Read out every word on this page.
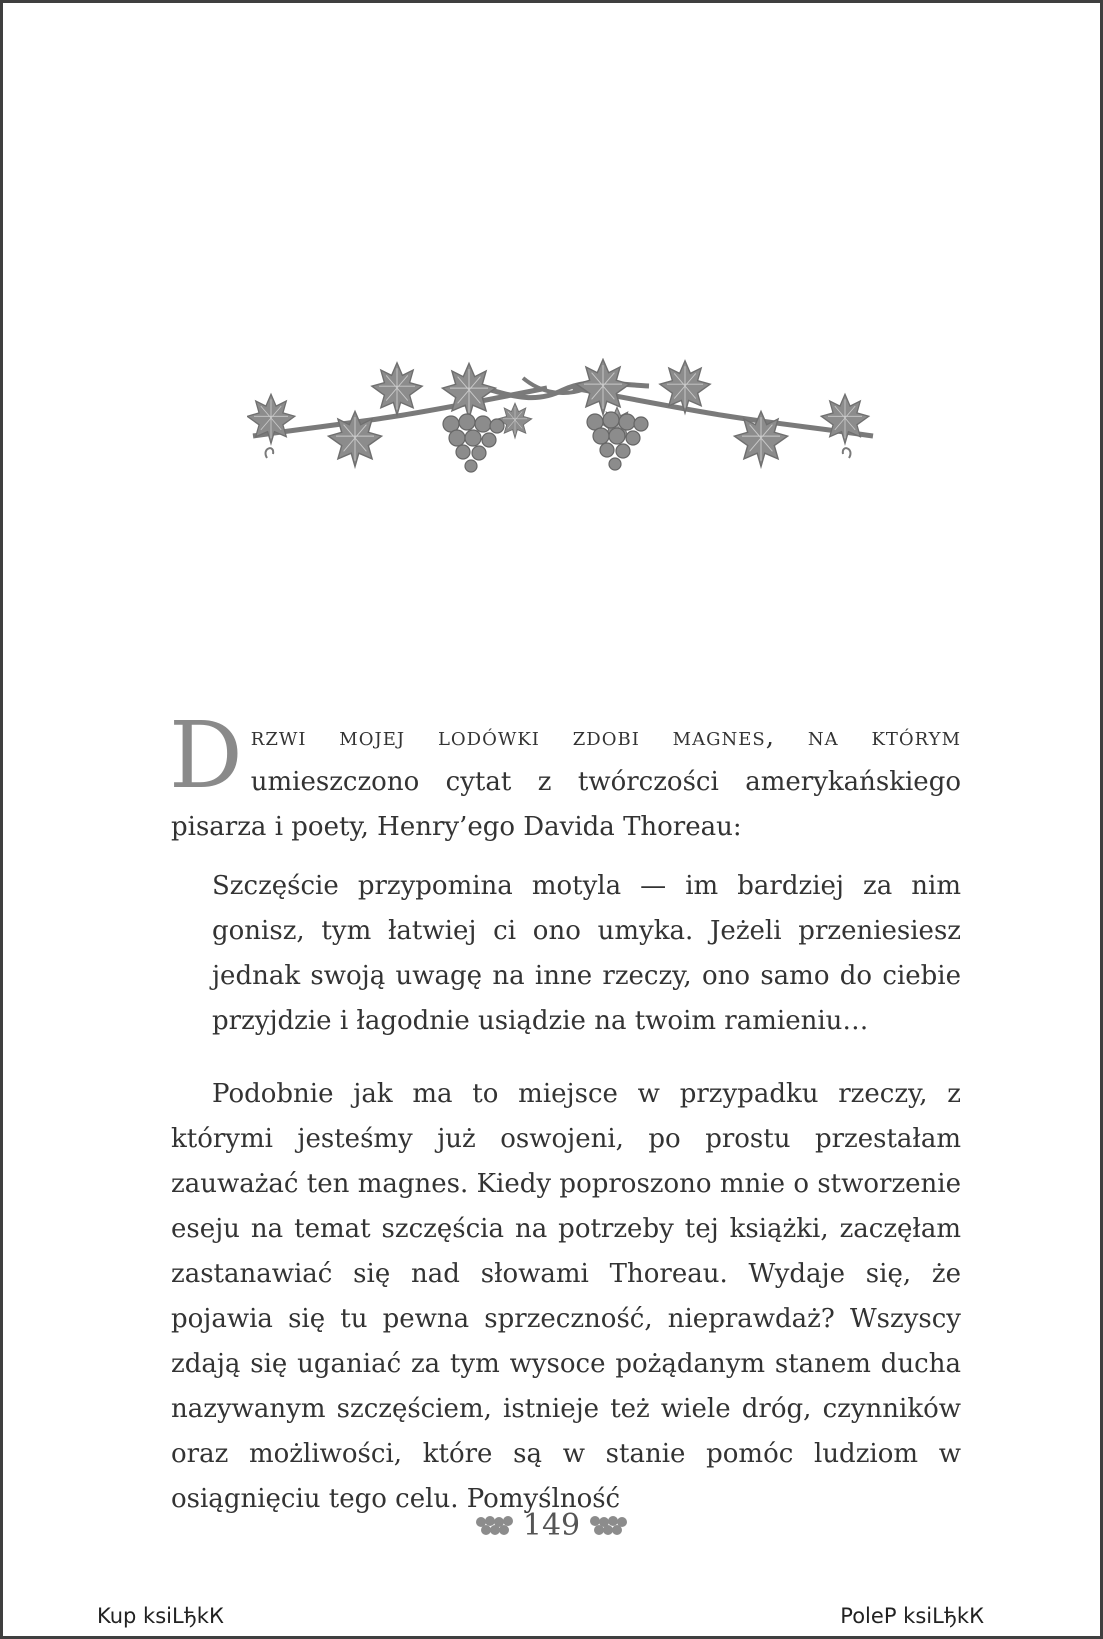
Drzwi mojej lodówki zdobi magnes, na którym umieszczono cytat z twórczości amerykańskiego pisarza i poety, Henry’ego Davida Thoreau:

Szczęście przypomina motyla — im bardziej za nim gonisz, tym łatwiej ci ono umyka. Jeżeli przeniesiesz jednak swoją uwagę na inne rzeczy, ono samo do ciebie przyjdzie i łagodnie usiądzie na twoim ramieniu…

Podobnie jak ma to miejsce w przypadku rzeczy, z którymi jesteśmy już oswojeni, po prostu przestałam zauważać ten magnes. Kiedy poproszono mnie o stworzenie eseju na temat szczęścia na potrzeby tej książki, zaczęłam zastanawiać się nad słowami Thoreau. Wydaje się, że pojawia się tu pewna sprzeczność, nieprawdaż? Wszyscy zdają się uganiać za tym wysoce pożądanym stanem ducha nazywanym szczęściem, istnieje też wiele dróg, czynników oraz możliwości, które są w stanie pomóc ludziom w osiągnięciu tego celu. Pomyślność

149
Kup ksiLђkК	PoleР ksiLђkК
